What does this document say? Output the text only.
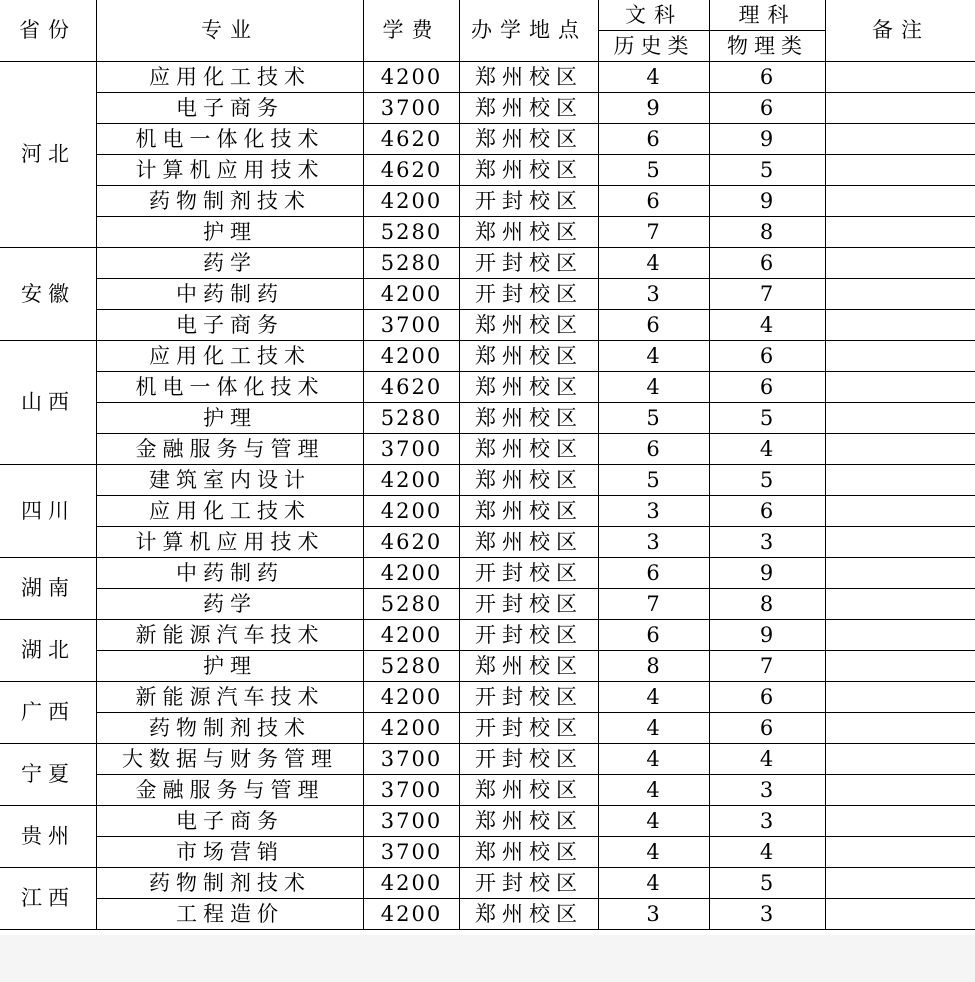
省份	专业	学费	办学地点	文科	理科	备注
				历史类	物理类	
河北	应用化工技术	4200	郑州校区	4	6	
	电子商务	3700	郑州校区	9	6	
	机电一体化技术	4620	郑州校区	6	9	
	计算机应用技术	4620	郑州校区	5	5	
	药物制剂技术	4200	开封校区	6	9	
	护理	5280	郑州校区	7	8	
安徽	药学	5280	开封校区	4	6	
	中药制药	4200	开封校区	3	7	
	电子商务	3700	郑州校区	6	4	
山西	应用化工技术	4200	郑州校区	4	6	
	机电一体化技术	4620	郑州校区	4	6	
	护理	5280	郑州校区	5	5	
	金融服务与管理	3700	郑州校区	6	4	
四川	建筑室内设计	4200	郑州校区	5	5	
	应用化工技术	4200	郑州校区	3	6	
	计算机应用技术	4620	郑州校区	3	3	
湖南	中药制药	4200	开封校区	6	9	
	药学	5280	开封校区	7	8	
湖北	新能源汽车技术	4200	开封校区	6	9	
	护理	5280	郑州校区	8	7	
广西	新能源汽车技术	4200	开封校区	4	6	
	药物制剂技术	4200	开封校区	4	6	
宁夏	大数据与财务管理	3700	开封校区	4	4	
	金融服务与管理	3700	郑州校区	4	3	
贵州	电子商务	3700	郑州校区	4	3	
	市场营销	3700	郑州校区	4	4	
江西	药物制剂技术	4200	开封校区	4	5	
	工程造价	4200	郑州校区	3	3	
